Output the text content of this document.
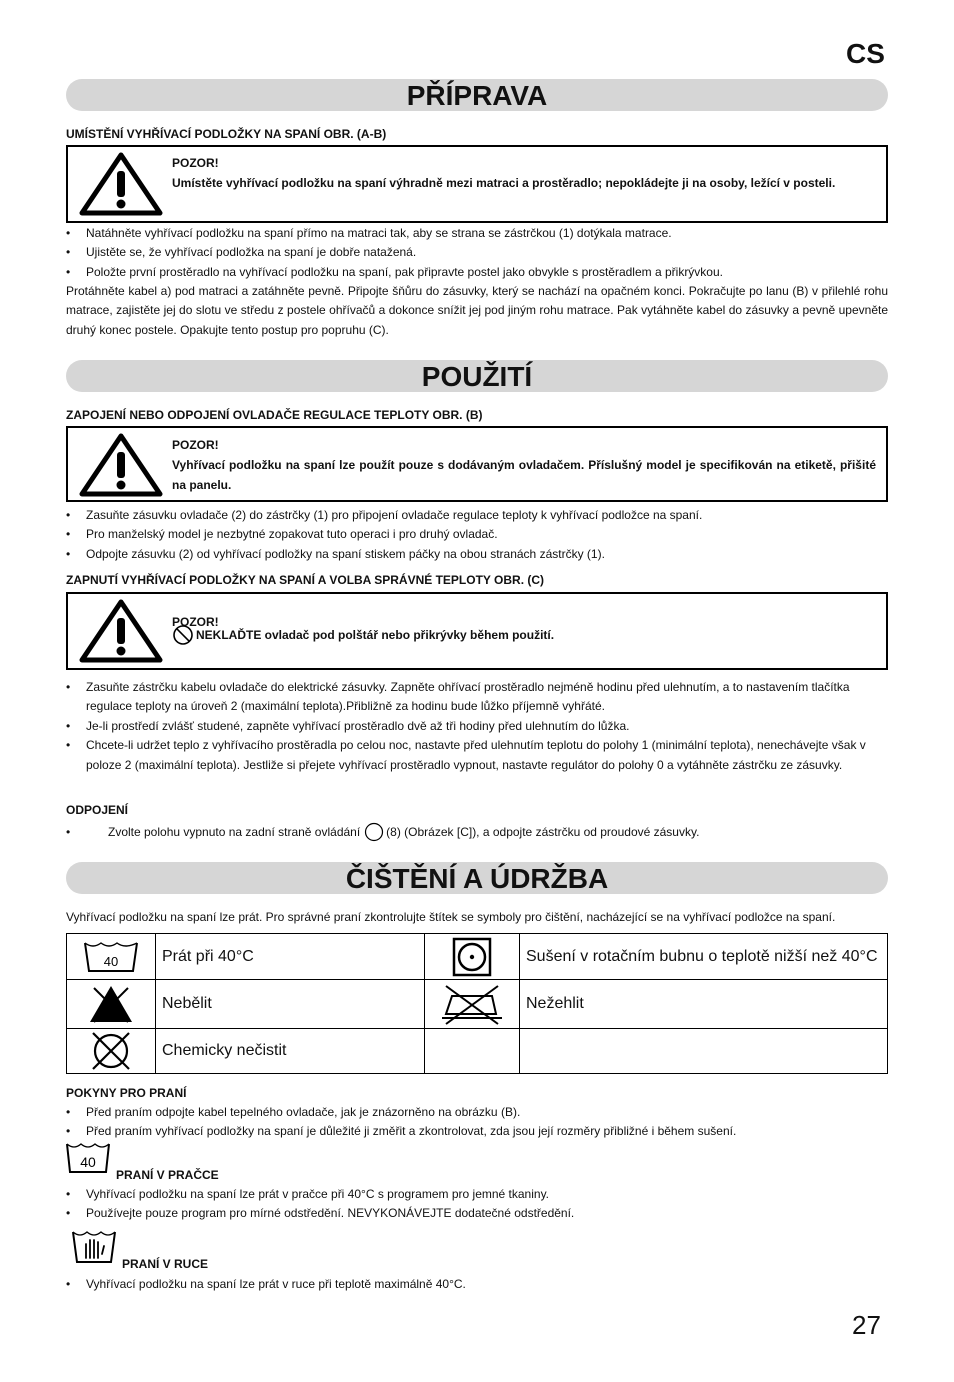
CS
PŘÍPRAVA
UMÍSTĚNÍ VYHŘÍVACÍ PODLOŽKY NA SPANÍ OBR. (A-B)
POZOR!
Umístěte vyhřívací podložku na spaní výhradně mezi matraci a prostěradlo; nepokládejte ji na osoby, ležící v posteli.
• Natáhněte vyhřívací podložku na spaní přímo na matraci tak, aby se strana se zástrčkou (1) dotýkala matrace.
• Ujistěte se, že vyhřívací podložka na spaní je dobře natažená.
• Položte první prostěradlo na vyhřívací podložku na spaní, pak připravte postel jako obvykle s prostěradlem a přikrývkou.
Protáhněte kabel a) pod matraci a zatáhněte pevně. Připojte šňůru do zásuvky, který se nachází na opačném konci. Pokračujte po lanu (B) v přilehlé rohu matrace, zajistěte jej do slotu ve středu z postele ohřívačů a dokonce snížit jej pod jiným rohu matrace. Pak vytáhněte kabel do zásuvky a pevně upevněte druhý konec postele. Opakujte tento postup pro popruhu (C).
POUŽITÍ
ZAPOJENÍ NEBO ODPOJENÍ OVLADAČE REGULACE TEPLOTY OBR. (B)
POZOR!
Vyhřívací podložku na spaní lze použít pouze s dodávaným ovladačem. Příslušný model je specifikován na etiketě, přišité na panelu.
• Zasuňte zásuvku ovladače (2) do zástrčky (1) pro připojení ovladače regulace teploty k vyhřívací podložce na spaní.
• Pro manželský model je nezbytné zopakovat tuto operaci i pro druhý ovladač.
• Odpojte zásuvku (2) od vyhřívací podložky na spaní stiskem páčky na obou stranách zástrčky (1).
ZAPNUTÍ VYHŘÍVACÍ PODLOŽKY NA SPANÍ A VOLBA SPRÁVNÉ TEPLOTY OBR. (C)
POZOR!
NEKLAĎTE ovladač pod polštář nebo přikrývky během použití.
• Zasuňte zástrčku kabelu ovladače do elektrické zásuvky. Zapněte ohřívací prostěradlo nejméně hodinu před ulehnutím, a to nastavením tlačítka regulace teploty na úroveň 2 (maximální teplota).Přibližně za hodinu bude lůžko příjemně vyhřáté.
• Je-li prostředí zvlášť studené, zapněte vyhřívací prostěradlo dvě až tři hodiny před ulehnutím do lůžka.
• Chcete-li udržet teplo z vyhřívacího prostěradla po celou noc, nastavte před ulehnutím teplotu do polohy 1 (minimální teplota), nenechávejte však v poloze 2 (maximální teplota). Jestliže si přejete vyhřívací prostěradlo vypnout, nastavte regulátor do polohy 0 a vytáhněte zástrčku ze zásuvky.
ODPOJENÍ
•	Zvolte polohu vypnuto na zadní straně ovládání (8) (Obrázek [C]), a odpojte zástrčku od proudové zásuvky.
ČIŠTĚNÍ A ÚDRŽBA
Vyhřívací podložku na spaní lze prát. Pro správné praní zkontrolujte štítek se symboly pro čištění, nacházející se na vyhřívací podložce na spaní.
40	Prát při 40°C		Sušení v rotačním bubnu o teplotě nižší než 40°C

	Nebělit		Nežehlit

	Chemicky nečistit		
POKYNY PRO PRANÍ
• Před praním odpojte kabel tepelného ovladače, jak je znázorněno na obrázku (B).
• Před praním vyhřívací podložky na spaní je důležité ji změřit a zkontrolovat, zda jsou její rozměry přibližné i během sušení.
40
PRANÍ V PRAČCE
• Vyhřívací podložku na spaní lze prát v pračce při 40°C s programem pro jemné tkaniny.
• Používejte pouze program pro mírné odstředění. NEVYKONÁVEJTE dodatečné odstředění.
PRANÍ V RUCE
• Vyhřívací podložku na spaní lze prát v ruce při teplotě maximálně 40°C.
27
